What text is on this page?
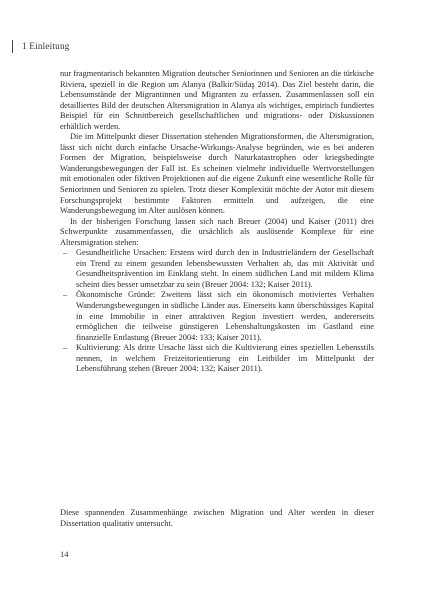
1 Einleitung

nur fragmentarisch bekannten Migration deutscher Seniorinnen und Senioren an die türkische Riviera, speziell in die Region um Alanya (Balkir/Südaş 2014). Das Ziel besteht darin, die Lebensumstände der Migrantinnen und Migranten zu erfassen. Zusammenlassen soll ein detailliertes Bild der deutschen Altersmigration in Alanya als wichtiges, empirisch fundiertes Beispiel für ein Schnittbereich gesellschaftlichen und migrations- oder Diskussionen erhältlich werden.

Die im Mittelpunkt dieser Dissertation stehenden Migrationsformen, die Altersmigration, lässt sich nicht durch einfache Ursache-Wirkungs-Analyse begründen, wie es bei anderen Formen der Migration, beispielsweise durch Naturkatastrophen oder kriegsbedingte Wanderungsbewegungen der Fall ist. Es scheinen vielmehr individuelle Wertvorstellungen mit emotionalen oder fiktiven Projektionen auf die eigene Zukunft eine wesentliche Rolle für Seniorinnen und Senioren zu spielen. Trotz dieser Komplexität möchte der Autor mit diesem Forschungsprojekt bestimmte Faktoren ermitteln und aufzeigen, die eine Wanderungsbewegung im Alter auslösen können.

In der bisherigen Forschung lassen sich nach Breuer (2004) und Kaiser (2011) drei Schwerpunkte zusammenfassen, die ursächlich als auslösende Komplexe für eine Altersmigration stehen:

– Gesundheitliche Ursachen: Erstens wird durch den in Industrieländern der Gesellschaft ein Trend zu einem gesunden lebensbewussten Verhalten ab, das mit Aktivität und Gesundheitsprävention im Einklang steht. In einem südlichen Land mit mildem Klima scheint dies besser umsetzbar zu sein (Breuer 2004: 132; Kaiser 2011).
– Ökonomische Gründe: Zweitens lässt sich ein ökonomisch motiviertes Verhalten Wanderungsbewegungen in südliche Länder aus. Einerseits kann überschüssiges Kapital in eine Immobilie in einer attraktiven Region investiert werden, andererseits ermöglichen die teilweise günstigeren Lebenshaltungskosten im Gastland eine finanzielle Entlastung (Breuer 2004: 133; Kaiser 2011).
– Kultivierung: Als dritte Ursache lässt sich die Kultivierung eines speziellen Lebensstils nennen, in welchem Freizeitorientierung ein Leitbilder im Mittelpunkt der Lebensführung stehen (Breuer 2004: 132; Kaiser 2011).

Diese spannenden Zusammenhänge zwischen Migration und Alter werden in dieser Dissertation qualitativ untersucht.

14
